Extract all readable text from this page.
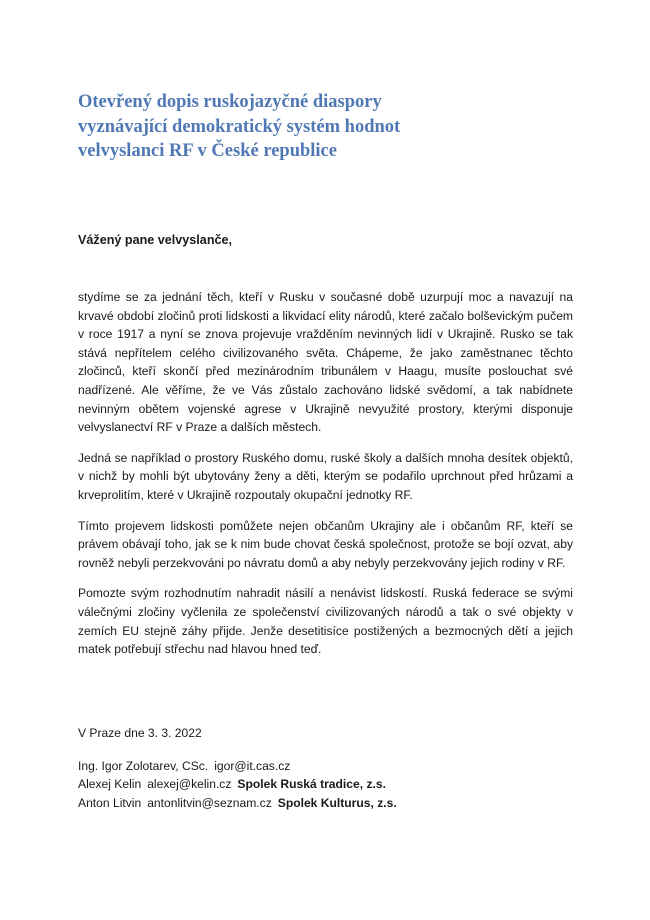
Otevřený dopis ruskojazyčné diaspory
vyznávající demokratický systém hodnot
velvyslanci RF v České republice

Vážený pane velvyslanče,

stydíme se za jednání těch, kteří v Rusku v současné době uzurpují moc a navazují na krvavé období zločinů proti lidskosti a likvidací elity národů, které začalo bolševickým pučem v roce 1917 a nyní se znova projevuje vražděním nevinných lidí v Ukrajině. Rusko se tak stává nepřítelem celého civilizovaného světa. Chápeme, že jako zaměstnanec těchto zločinců, kteří skončí před mezinárodním tribunálem v Haagu, musíte poslouchat své nadřízené. Ale věříme, že ve Vás zůstalo zachováno lidské svědomí, a tak nabídnete nevinným obětem vojenské agrese v Ukrajině nevyužité prostory, kterými disponuje velvyslanectví RF v Praze a dalších městech.

Jedná se například o prostory Ruského domu, ruské školy a dalších mnoha desítek objektů, v nichž by mohli být ubytovány ženy a děti, kterým se podařilo uprchnout před hrůzami a krveprolitím, které v Ukrajině rozpoutaly okupační jednotky RF.

Tímto projevem lidskosti pomůžete nejen občanům Ukrajiny ale i občanům RF, kteří se právem obávají toho, jak se k nim bude chovat česká společnost, protože se bojí ozvat, aby rovněž nebyli perzekvováni po návratu domů a aby nebyly perzekvovány jejich rodiny v RF.

Pomozte svým rozhodnutím nahradit násilí a nenávist lidskostí. Ruská federace se svými válečnými zločiny vyčlenila ze společenství civilizovaných národů a tak o své objekty v zemích EU stejně záhy přijde. Jenže desetitisíce postižených a bezmocných dětí a jejich matek potřebují střechu nad hlavou hned teď.

V Praze dne 3. 3. 2022

Ing. Igor Zolotarev, CSc. igor@it.cas.cz

Alexej Kelin alexej@kelin.cz Spolek Ruská tradice, z.s.

Anton Litvin antonlitvin@seznam.cz Spolek Kulturus, z.s.
